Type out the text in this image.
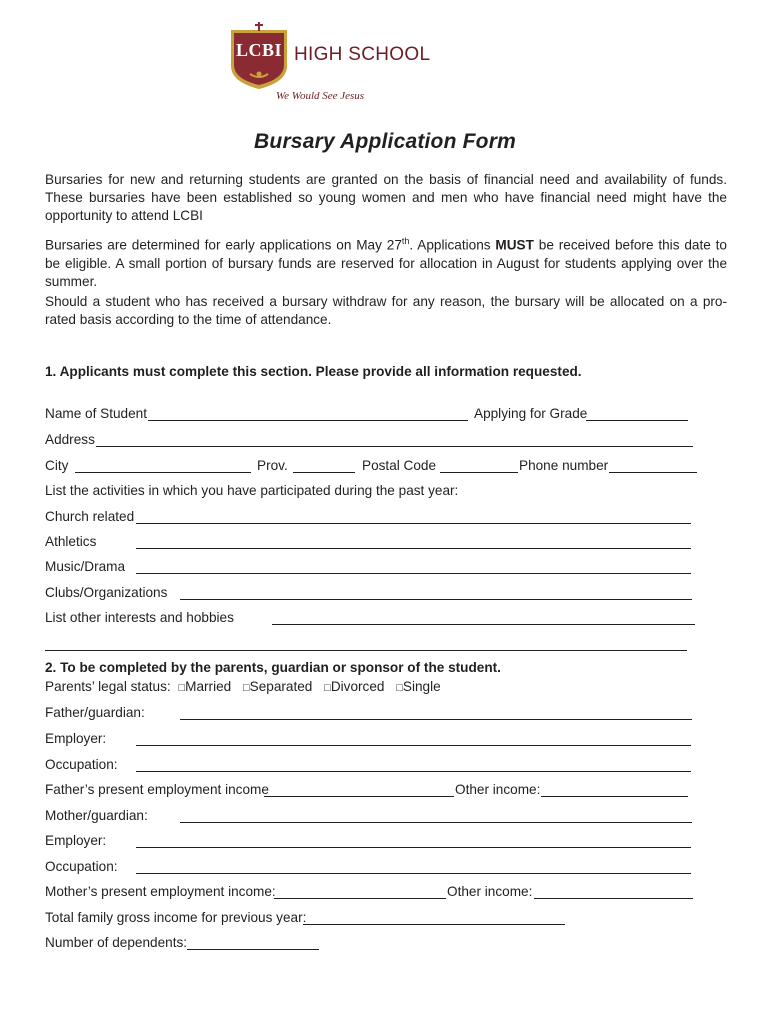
LCBI HIGH SCHOOL
We Would See Jesus
Bursary Application Form
Bursaries for new and returning students are granted on the basis of financial need and availability of funds. These bursaries have been established so young women and men who have financial need might have the opportunity to attend LCBI
Bursaries are determined for early applications on May 27th. Applications MUST be received before this date to be eligible. A small portion of bursary funds are reserved for allocation in August for students applying over the summer.
Should a student who has received a bursary withdraw for any reason, the bursary will be allocated on a pro-rated basis according to the time of attendance.
1. Applicants must complete this section. Please provide all information requested.
Name of Student	Applying for Grade
Address
City	Prov.	Postal Code	Phone number
List the activities in which you have participated during the past year:
Church related
Athletics
Music/Drama
Clubs/Organizations
List other interests and hobbies
2. To be completed by the parents, guardian or sponsor of the student.
Parents’ legal status: □Married □Separated □Divorced □Single
Father/guardian:
Employer:
Occupation:
Father’s present employment income	Other income:
Mother/guardian:
Employer:
Occupation:
Mother’s present employment income:	Other income:
Total family gross income for previous year:
Number of dependents:
